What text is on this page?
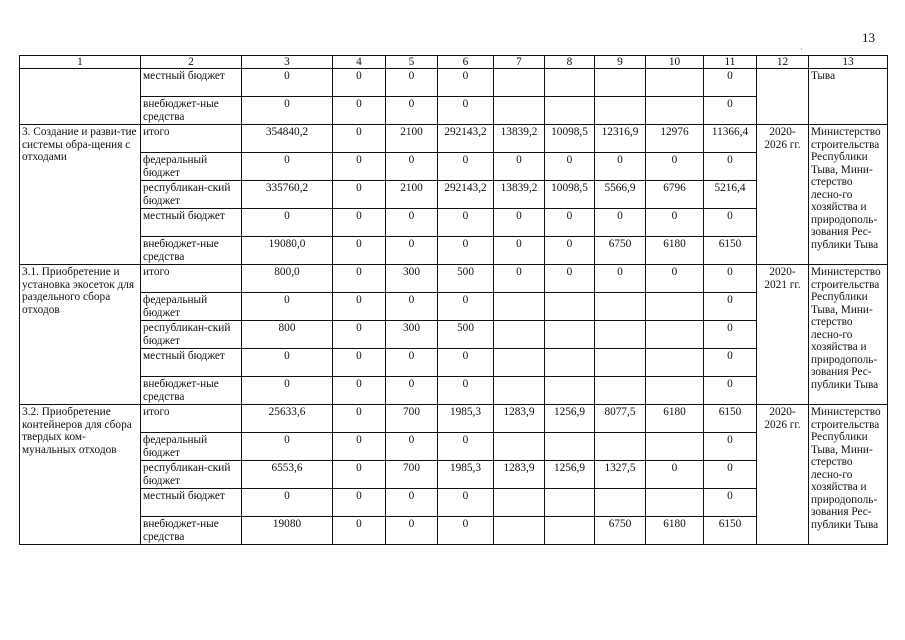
13
·
1	2	3	4	5	6	7	8	9	10	11	12	13
	местный бюджет	0	0	0	0					0		Тыва
	внебюджет-ные средства	0	0	0	0					0		
3. Создание и разви-тие системы обра-щения с отходами	итого	354840,2	0	2100	292143,2	13839,2	10098,5	12316,9	12976	11366,4	2020-2026 гг.	Министерство строительства Республики Тыва, Мини-стерство лесно-го хозяйства и природополь-зования Рес-публики Тыва
	федеральный бюджет	0	0	0	0	0	0	0	0	0		
	республикан-ский бюджет	335760,2	0	2100	292143,2	13839,2	10098,5	5566,9	6796	5216,4		
	местный бюджет	0	0	0	0	0	0	0	0	0		
	внебюджет-ные средства	19080,0	0	0	0	0	0	6750	6180	6150		
3.1. Приобретение и установка экосеток для раздельного сбора отходов	итого	800,0	0	300	500	0	0	0	0	0	2020-2021 гг.	Министерство строительства Республики Тыва, Мини-стерство лесно-го хозяйства и природополь-зования Рес-публики Тыва
	федеральный бюджет	0	0	0	0					0		
	республикан-ский бюджет	800	0	300	500					0		
	местный бюджет	0	0	0	0					0		
	внебюджет-ные средства	0	0	0	0					0		
3.2. Приобретение контейнеров для сбора твердых ком-мунальных отходов	итого	25633,6	0	700	1985,3	1283,9	1256,9	8077,5	6180	6150	2020-2026 гг.	Министерство строительства Республики Тыва, Мини-стерство лесно-го хозяйства и природополь-зования Рес-публики Тыва
	федеральный бюджет	0	0	0	0					0		
	республикан-ский бюджет	6553,6	0	700	1985,3	1283,9	1256,9	1327,5	0	0		
	местный бюджет	0	0	0	0					0		
	внебюджет-ные средства	19080	0	0	0			6750	6180	6150		
